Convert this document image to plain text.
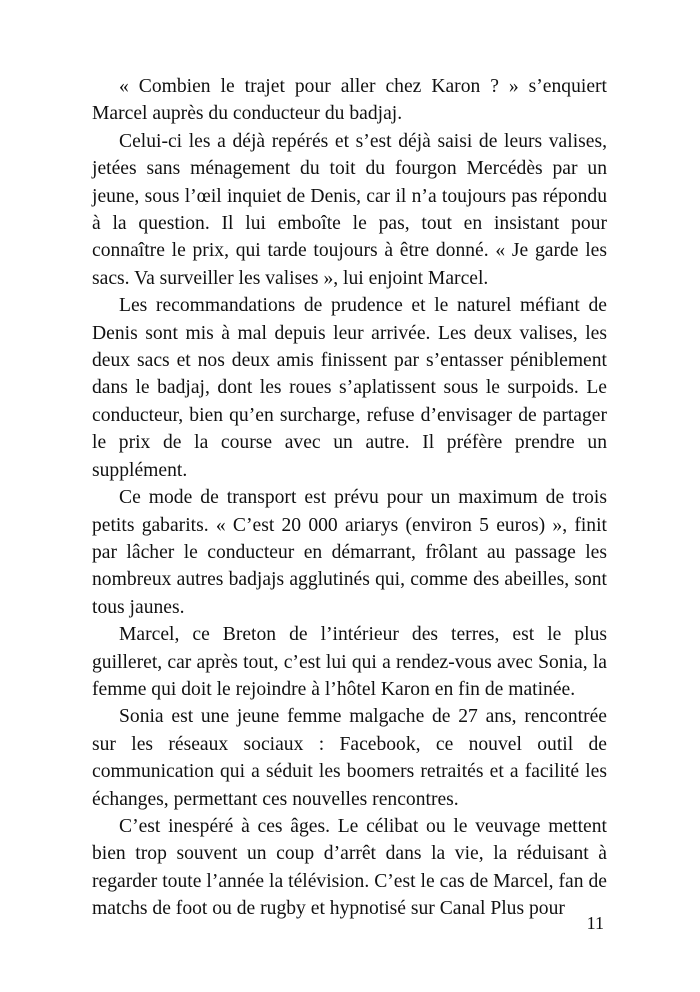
« Combien le trajet pour aller chez Karon ? » s’enquiert Marcel auprès du conducteur du badjaj.

Celui-ci les a déjà repérés et s’est déjà saisi de leurs valises, jetées sans ménagement du toit du fourgon Mercédès par un jeune, sous l’œil inquiet de Denis, car il n’a toujours pas répondu à la question. Il lui emboîte le pas, tout en insistant pour connaître le prix, qui tarde toujours à être donné. « Je garde les sacs. Va surveiller les valises », lui enjoint Marcel.

Les recommandations de prudence et le naturel méfiant de Denis sont mis à mal depuis leur arrivée. Les deux valises, les deux sacs et nos deux amis finissent par s’entasser péniblement dans le badjaj, dont les roues s’aplatissent sous le surpoids. Le conducteur, bien qu’en surcharge, refuse d’envisager de partager le prix de la course avec un autre. Il préfère prendre un supplément.

Ce mode de transport est prévu pour un maximum de trois petits gabarits. « C’est 20 000 ariarys (environ 5 euros) », finit par lâcher le conducteur en démarrant, frôlant au passage les nombreux autres badjajs agglutinés qui, comme des abeilles, sont tous jaunes.

Marcel, ce Breton de l’intérieur des terres, est le plus guilleret, car après tout, c’est lui qui a rendez-vous avec Sonia, la femme qui doit le rejoindre à l’hôtel Karon en fin de matinée.

Sonia est une jeune femme malgache de 27 ans, rencontrée sur les réseaux sociaux : Facebook, ce nouvel outil de communication qui a séduit les boomers retraités et a facilité les échanges, permettant ces nouvelles rencontres.

C’est inespéré à ces âges. Le célibat ou le veuvage mettent bien trop souvent un coup d’arrêt dans la vie, la réduisant à regarder toute l’année la télévision. C’est le cas de Marcel, fan de matchs de foot ou de rugby et hypnotisé sur Canal Plus pour

11
